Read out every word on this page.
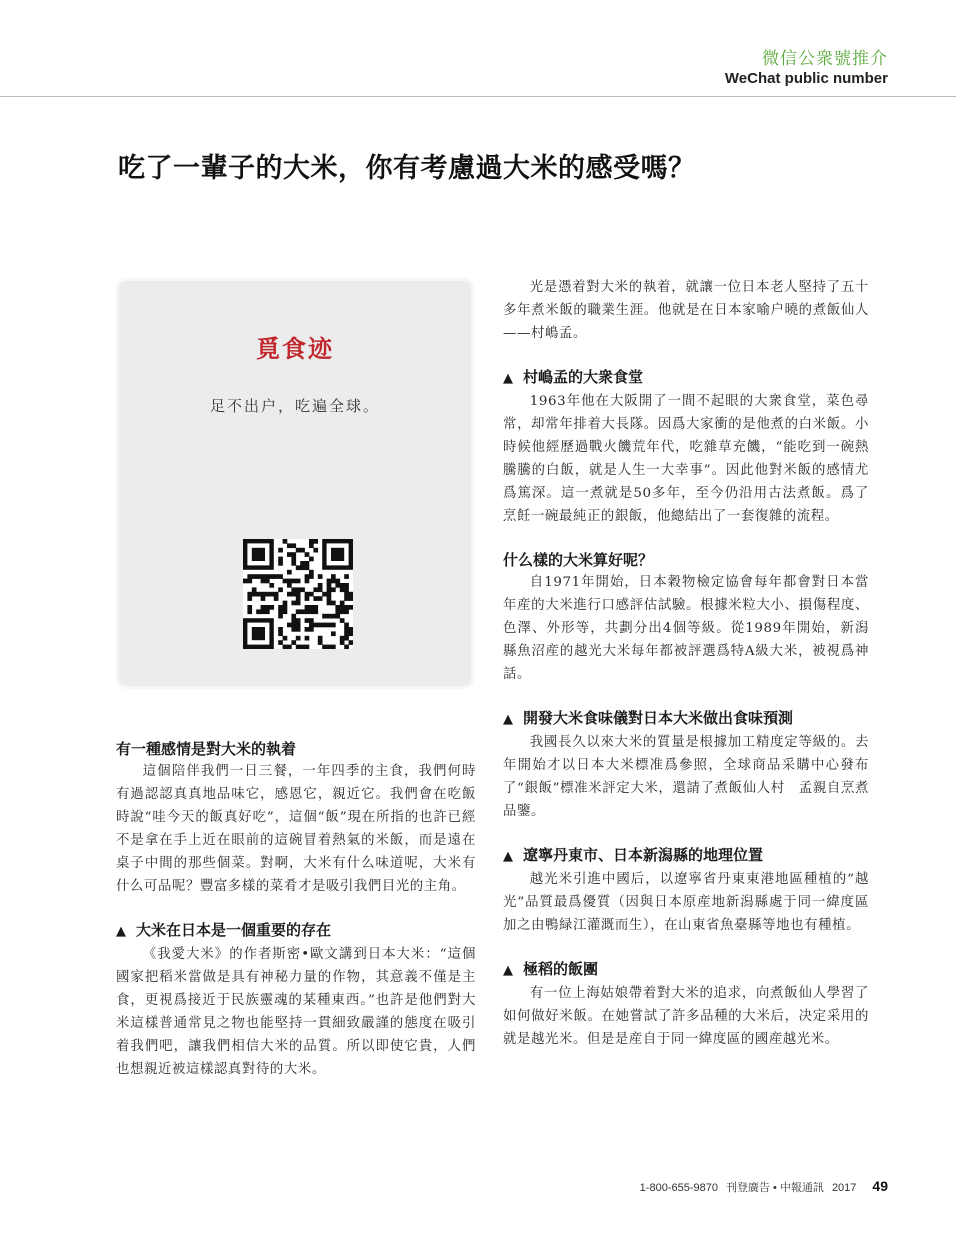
微信公衆號推介
WeChat public number
吃了一輩子的大米，你有考慮過大米的感受嗎？
覓食迹
足不出户，吃遍全球。
有一種感情是對大米的執着

這個陪伴我們一日三餐，一年四季的主食，我們何時有過認認真真地品味它，感恩它，親近它。我們會在吃飯時說“哇今天的飯真好吃”，這個“飯”現在所指的也許已經不是拿在手上近在眼前的這碗冒着熱氣的米飯，而是遠在桌子中間的那些個菜。對啊，大米有什么味道呢，大米有什么可品呢？豐富多樣的菜肴才是吸引我們目光的主角。

▲ 大米在日本是一個重要的存在

《我愛大米》的作者斯密•歐文講到日本大米：“這個國家把稻米當做是具有神秘力量的作物，其意義不僅是主食，更視爲接近于民族靈魂的某種東西。”也許是他們對大米這樣普通常見之物也能堅持一貫細致嚴謹的態度在吸引着我們吧，讓我們相信大米的品質。所以即使它貴，人們也想親近被這樣認真對待的大米。

光是憑着對大米的執着，就讓一位日本老人堅持了五十多年煮米飯的職業生涯。他就是在日本家喻户曉的煮飯仙人——村嶋孟。

▲ 村嶋孟的大衆食堂

1963年他在大阪開了一間不起眼的大衆食堂，菜色尋常，却常年排着大長隊。因爲大家衝的是他煮的白米飯。小時候他經歷過戰火饑荒年代，吃雜草充饑，“能吃到一碗熱騰騰的白飯，就是人生一大幸事”。因此他對米飯的感情尤爲篤深。這一煮就是50多年，至今仍沿用古法煮飯。爲了烹飪一碗最純正的銀飯，他總結出了一套復雜的流程。

什么樣的大米算好呢？

自1971年開始，日本穀物檢定協會每年都會對日本當年産的大米進行口感評估試驗。根據米粒大小、損傷程度、色澤、外形等，共劃分出4個等級。從1989年開始，新潟縣魚沼産的越光大米每年都被評選爲特A級大米，被視爲神話。

▲ 開發大米食味儀對日本大米做出食味預測

我國長久以來大米的質量是根據加工精度定等級的。去年開始才以日本大米標准爲參照，全球商品采購中心發布了“銀飯”標准米評定大米，還請了煮飯仙人村　孟親自烹煮品鑒。

▲ 遼寧丹東市、日本新潟縣的地理位置

越光米引進中國后，以遼寧省丹東東港地區種植的“越光”品質最爲優質（因與日本原産地新潟縣處于同一緯度區加之由鴨緑江灌溉而生），在山東省魚臺縣等地也有種植。

▲ 極稻的飯團

有一位上海姑娘帶着對大米的追求，向煮飯仙人學習了如何做好米飯。在她嘗試了許多品種的大米后，决定采用的就是越光米。但是是産自于同一緯度區的國産越光米。

1-800-655-9870 刊登廣告 • 中報通訊 2017 49
